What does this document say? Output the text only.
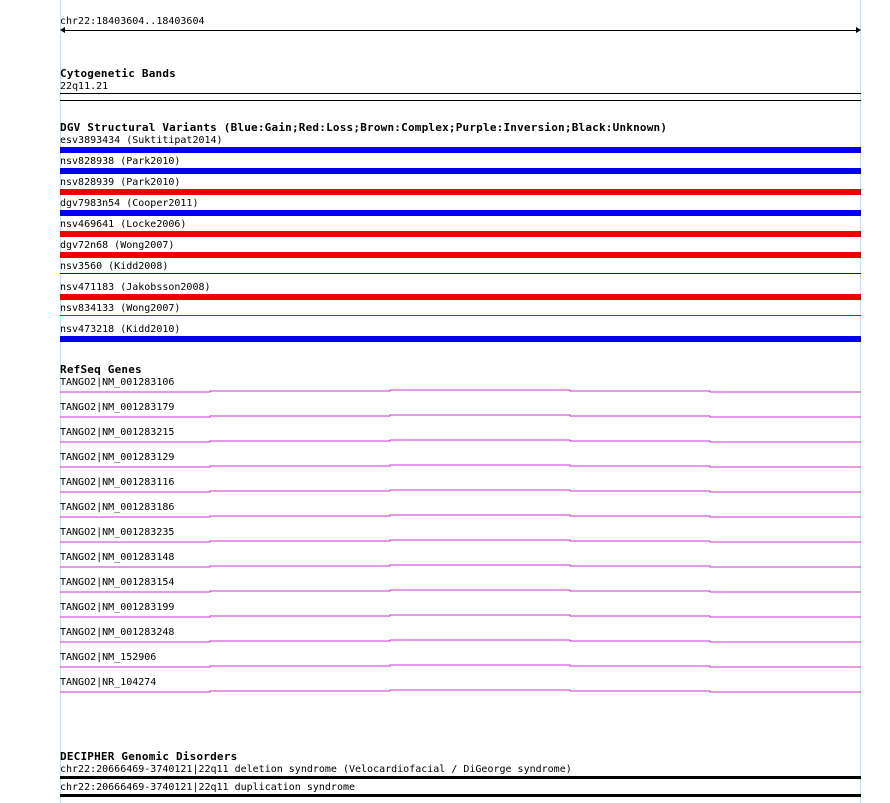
chr22:18403604..18403604
Cytogenetic Bands
22q11.21
DGV Structural Variants (Blue:Gain;Red:Loss;Brown:Complex;Purple:Inversion;Black:Unknown)
esv3893434 (Suktitipat2014)
nsv828938 (Park2010)
nsv828939 (Park2010)
dgv7983n54 (Cooper2011)
nsv469641 (Locke2006)
dgv72n68 (Wong2007)
nsv3560 (Kidd2008)
nsv471183 (Jakobsson2008)
nsv834133 (Wong2007)
nsv473218 (Kidd2010)
RefSeq Genes
TANGO2|NM_001283106
TANGO2|NM_001283179
TANGO2|NM_001283215
TANGO2|NM_001283129
TANGO2|NM_001283116
TANGO2|NM_001283186
TANGO2|NM_001283235
TANGO2|NM_001283148
TANGO2|NM_001283154
TANGO2|NM_001283199
TANGO2|NM_001283248
TANGO2|NM_152906
TANGO2|NR_104274
DECIPHER Genomic Disorders
chr22:20666469-3740121|22q11 deletion syndrome (Velocardiofacial / DiGeorge syndrome)
chr22:20666469-3740121|22q11 duplication syndrome
